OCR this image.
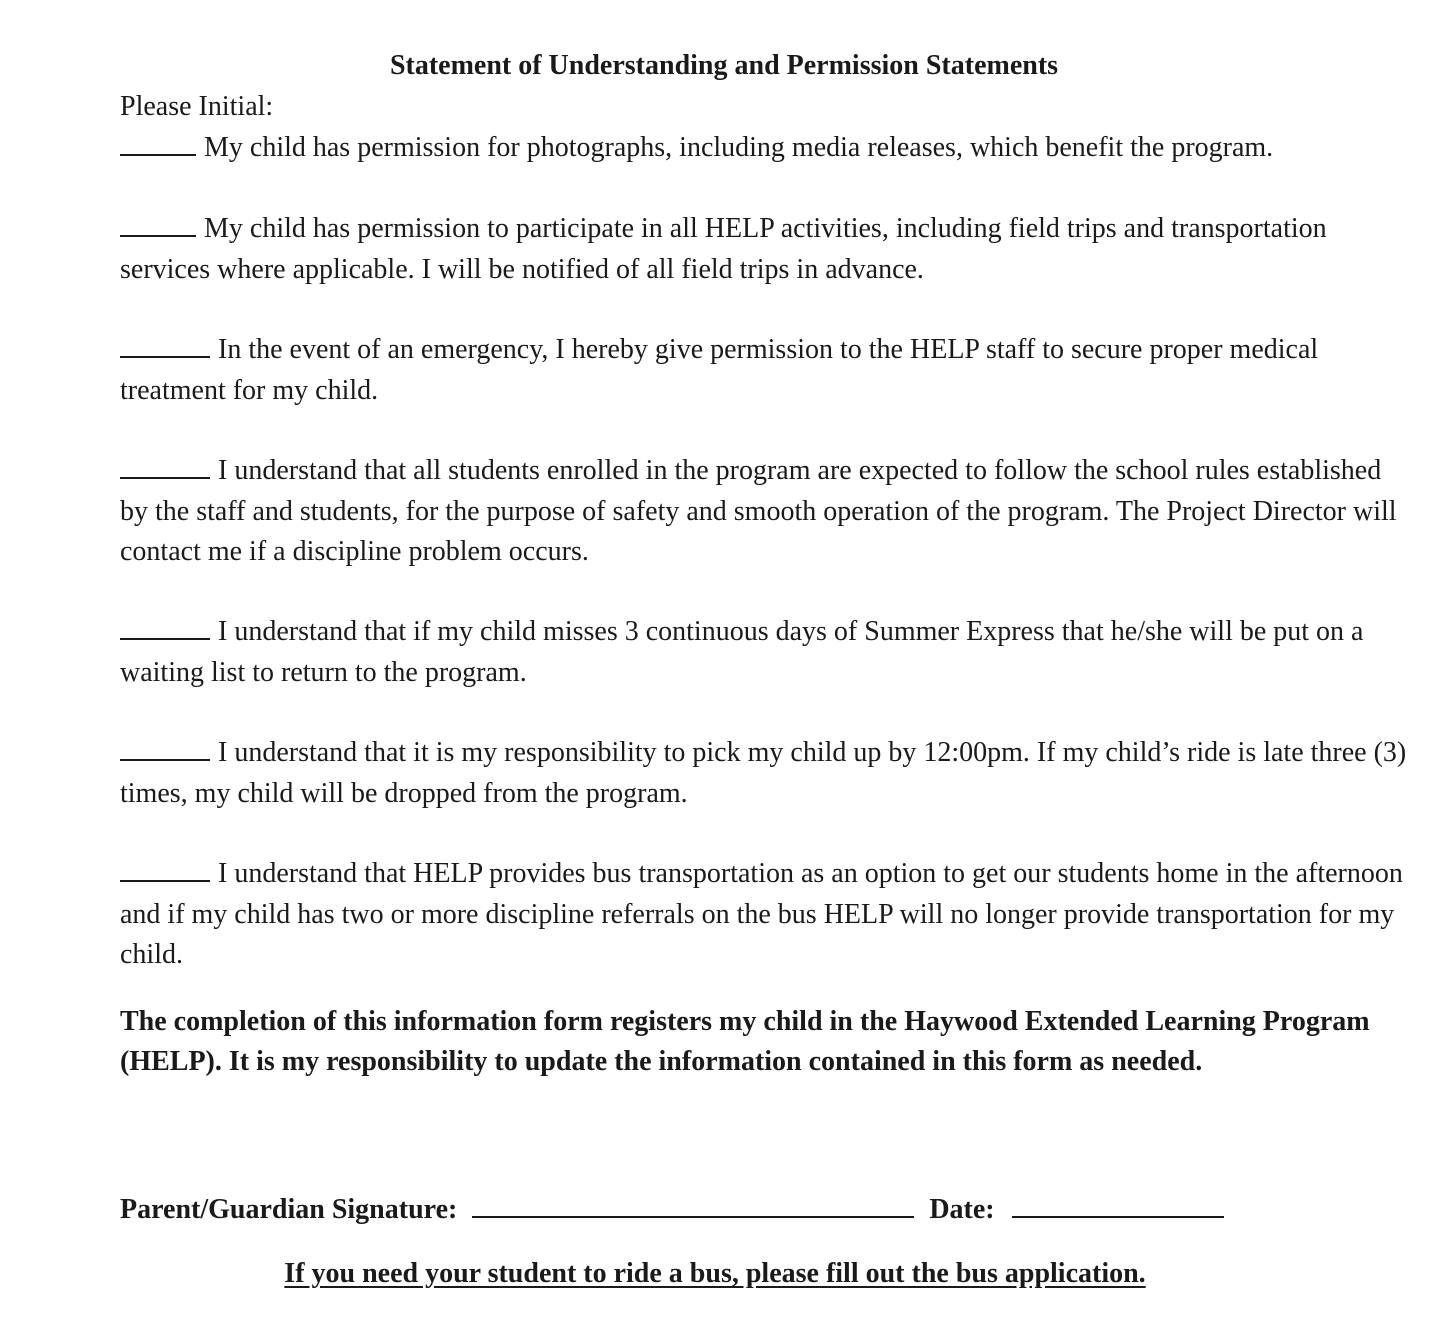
Statement of Understanding and Permission Statements

Please Initial:

My child has permission for photographs, including media releases, which benefit the program.

My child has permission to participate in all HELP activities, including field trips and transportation services where applicable. I will be notified of all field trips in advance.

In the event of an emergency, I hereby give permission to the HELP staff to secure proper medical treatment for my child.

I understand that all students enrolled in the program are expected to follow the school rules established by the staff and students, for the purpose of safety and smooth operation of the program. The Project Director will contact me if a discipline problem occurs.

I understand that if my child misses 3 continuous days of Summer Express that he/she will be put on a waiting list to return to the program.

I understand that it is my responsibility to pick my child up by 12:00pm. If my child’s ride is late three (3) times, my child will be dropped from the program.

I understand that HELP provides bus transportation as an option to get our students home in the afternoon and if my child has two or more discipline referrals on the bus HELP will no longer provide transportation for my child.

The completion of this information form registers my child in the Haywood Extended Learning Program (HELP). It is my responsibility to update the information contained in this form as needed.

Parent/Guardian Signature:	Date:

If you need your student to ride a bus, please fill out the bus application.
